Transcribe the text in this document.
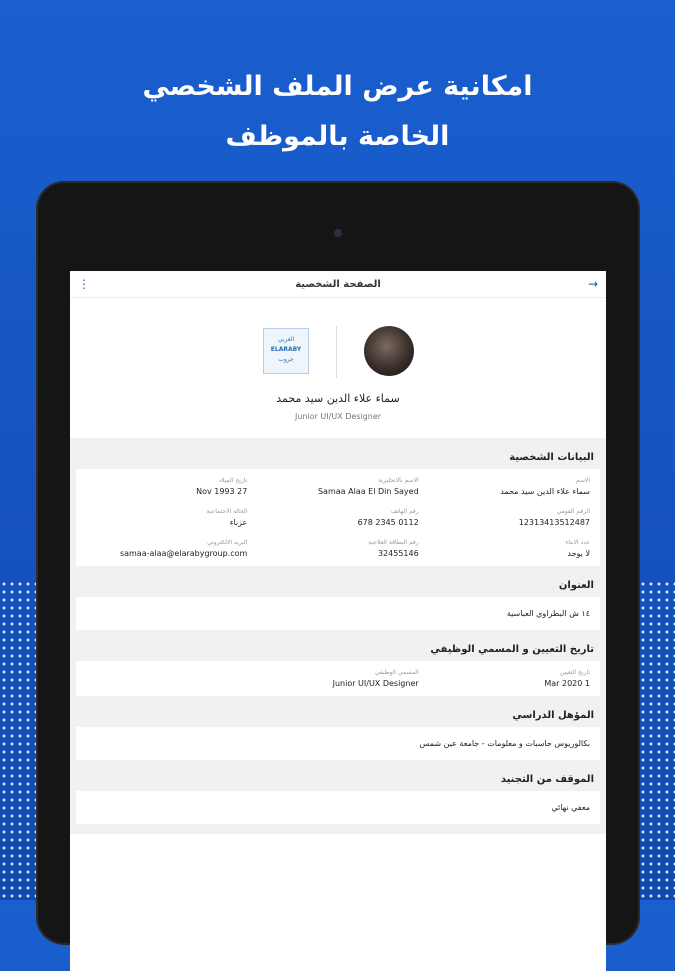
امكانية عرض الملف الشخصي
الخاصة بالموظف
⋮	الصفحة الشخصية	→
العربي
ELARABY
جروب
سماء علاء الدين سيد محمد
Junior UI/UX Designer
البيانات الشخصية
الاسم
سماء علاء الدين سيد محمد
الاسم بالانجليزية
Samaa Alaa El Din Sayed
تاريخ الميلاد
27 Nov 1993
الرقم القومي
12313413512487
رقم الهاتف
0112 2345 678
الحالة الاجتماعية
عزباء
عدد الابناء
لا يوجد
رقم البطاقة العلاجية
32455146
البريد الالكتروني
samaa-alaa@elarabygroup.com
العنوان
١٤ ش البطراوي العباسية
تاريخ التعيين و المسمي الوظيفي
تاريخ التعيين
1 Mar 2020
المسمي الوظيفي
Junior UI/UX Designer
المؤهل الدراسي
بكالوريوس حاسبات و معلومات - جامعة عين شمس
الموقف من التجنيد
معفي نهائي
